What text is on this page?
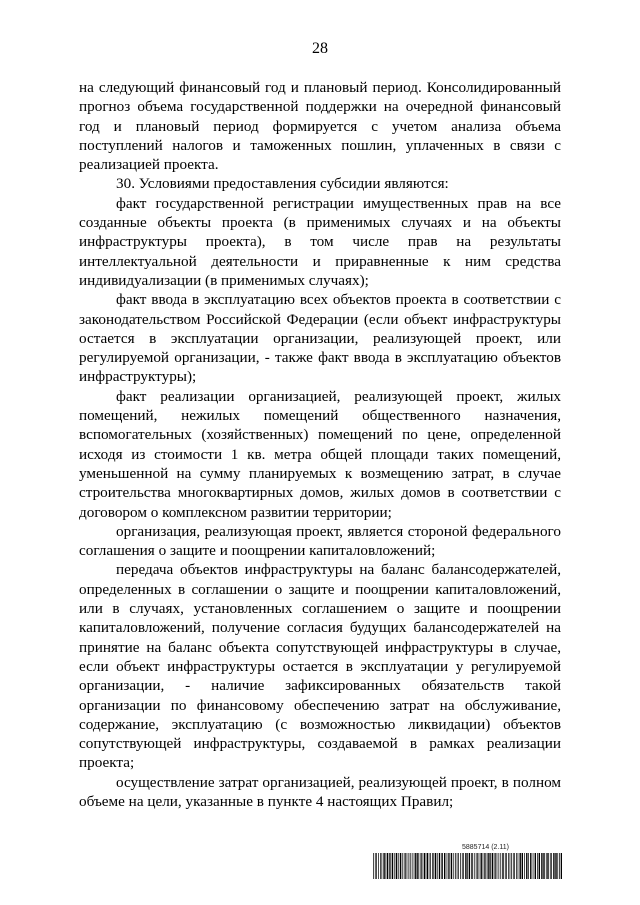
28

на следующий финансовый год и плановый период. Консолидированный прогноз объема государственной поддержки на очередной финансовый год и плановый период формируется с учетом анализа объема поступлений налогов и таможенных пошлин, уплаченных в связи с реализацией проекта.

30. Условиями предоставления субсидии являются:

факт государственной регистрации имущественных прав на все созданные объекты проекта (в применимых случаях и на объекты инфраструктуры проекта), в том числе прав на результаты интеллектуальной деятельности и приравненные к ним средства индивидуализации (в применимых случаях);

факт ввода в эксплуатацию всех объектов проекта в соответствии с законодательством Российской Федерации (если объект инфраструктуры остается в эксплуатации организации, реализующей проект, или регулируемой организации, - также факт ввода в эксплуатацию объектов инфраструктуры);

факт реализации организацией, реализующей проект, жилых помещений, нежилых помещений общественного назначения, вспомогательных (хозяйственных) помещений по цене, определенной исходя из стоимости 1 кв. метра общей площади таких помещений, уменьшенной на сумму планируемых к возмещению затрат, в случае строительства многоквартирных домов, жилых домов в соответствии с договором о комплексном развитии территории;

организация, реализующая проект, является стороной федерального соглашения о защите и поощрении капиталовложений;

передача объектов инфраструктуры на баланс балансодержателей, определенных в соглашении о защите и поощрении капиталовложений, или в случаях, установленных соглашением о защите и поощрении капиталовложений, получение согласия будущих балансодержателей на принятие на баланс объекта сопутствующей инфраструктуры в случае, если объект инфраструктуры остается в эксплуатации у регулируемой организации, - наличие зафиксированных обязательств такой организации по финансовому обеспечению затрат на обслуживание, содержание, эксплуатацию (с возможностью ликвидации) объектов сопутствующей инфраструктуры, создаваемой в рамках реализации проекта;

осуществление затрат организацией, реализующей проект, в полном объеме на цели, указанные в пункте 4 настоящих Правил;

5885714 (2.11)
